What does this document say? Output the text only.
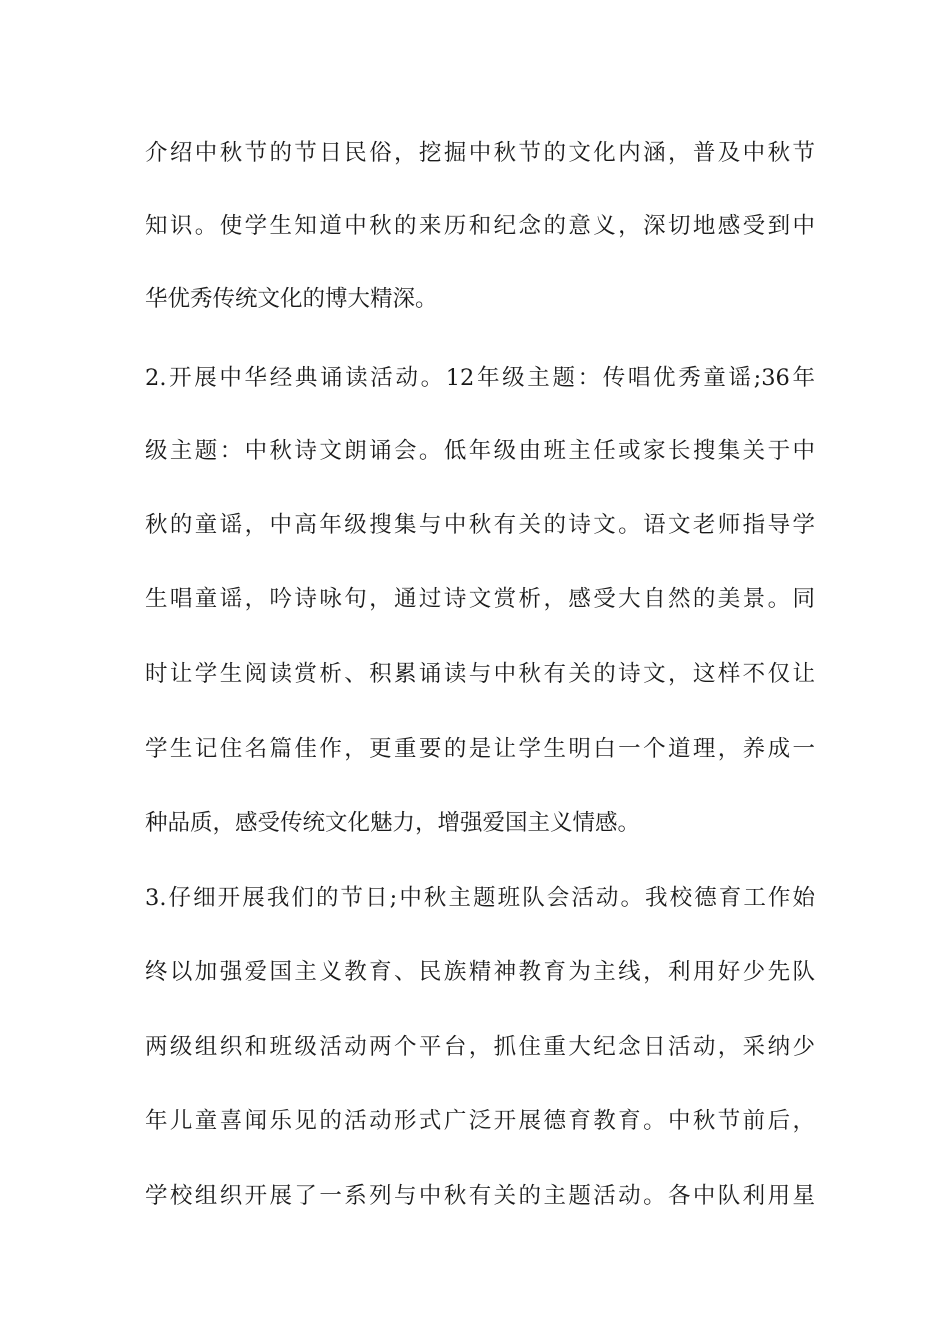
介绍中秋节的节日民俗，挖掘中秋节的文化内涵，普及中秋节
知识。使学生知道中秋的来历和纪念的意义，深切地感受到中
华优秀传统文化的博大精深。
2.开展中华经典诵读活动。12年级主题：传唱优秀童谣;36年
级主题：中秋诗文朗诵会。低年级由班主任或家长搜集关于中
秋的童谣，中高年级搜集与中秋有关的诗文。语文老师指导学
生唱童谣，吟诗咏句，通过诗文赏析，感受大自然的美景。同
时让学生阅读赏析、积累诵读与中秋有关的诗文，这样不仅让
学生记住名篇佳作，更重要的是让学生明白一个道理，养成一
种品质，感受传统文化魅力，增强爱国主义情感。
3.仔细开展我们的节日;中秋主题班队会活动。我校德育工作始
终以加强爱国主义教育、民族精神教育为主线，利用好少先队
两级组织和班级活动两个平台，抓住重大纪念日活动，采纳少
年儿童喜闻乐见的活动形式广泛开展德育教育。中秋节前后，
学校组织开展了一系列与中秋有关的主题活动。各中队利用星
